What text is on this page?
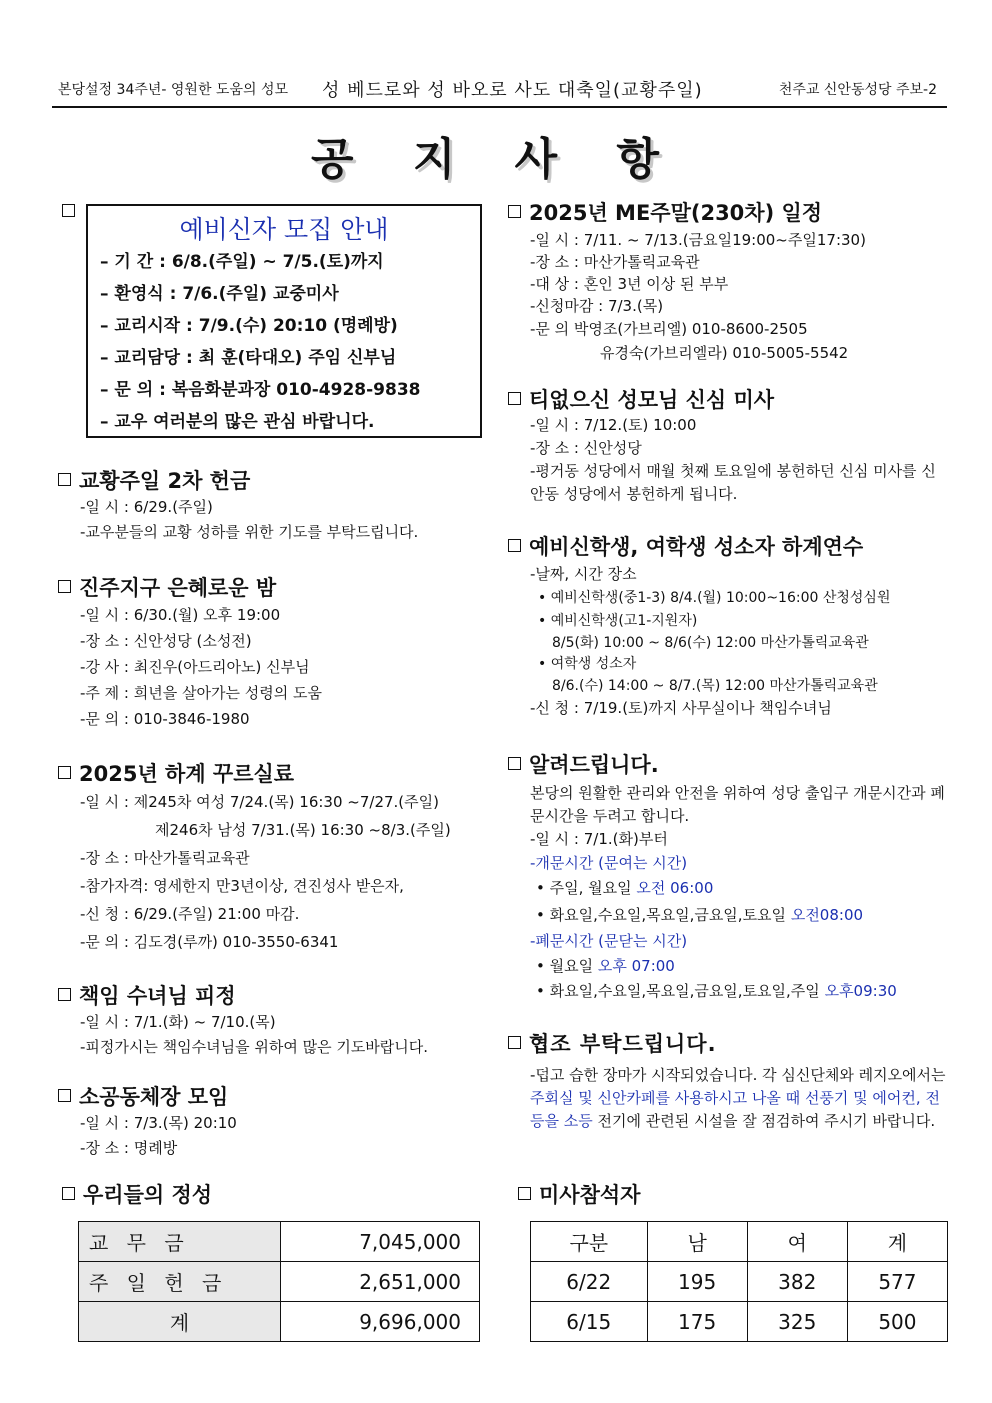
본당설정 34주년- 영원한 도움의 성모 성 베드로와 성 바오로 사도 대축일(교황주일)	천주교 신안동성당 주보-2
공 지 사 항
예비신자 모집 안내
– 기 간 : 6/8.(주일) ~ 7/5.(토)까지
– 환영식 : 7/6.(주일) 교중미사
– 교리시작 : 7/9.(수) 20:10 (명례방)
– 교리담당 : 최 훈(타대오) 주임 신부님
– 문 의 : 복음화분과장 010-4928-9838
– 교우 여러분의 많은 관심 바랍니다.
교황주일 2차 헌금
-일 시 : 6/29.(주일)
-교우분들의 교황 성하를 위한 기도를 부탁드립니다.
진주지구 은혜로운 밤
-일 시 : 6/30.(월) 오후 19:00
-장 소 : 신안성당 (소성전)
-강 사 : 최진우(아드리아노) 신부님
-주 제 : 희년을 살아가는 성령의 도움
-문 의 : 010-3846-1980
2025년 하계 꾸르실료
-일 시 : 제245차 여성 7/24.(목) 16:30 ~7/27.(주일)
제246차 남성 7/31.(목) 16:30 ~8/3.(주일)
-장 소 : 마산가톨릭교육관
-참가자격: 영세한지 만3년이상, 견진성사 받은자,
-신 청 : 6/29.(주일) 21:00 마감.
-문 의 : 김도경(루까) 010-3550-6341
책임 수녀님 피정
-일 시 : 7/1.(화) ~ 7/10.(목)
-피정가시는 책임수녀님을 위하여 많은 기도바랍니다.
소공동체장 모임
-일 시 : 7/3.(목) 20:10
-장 소 : 명례방
2025년 ME주말(230차) 일정
-일 시 : 7/11. ~ 7/13.(금요일19:00~주일17:30)
-장 소 : 마산가톨릭교육관
-대 상 : 혼인 3년 이상 된 부부
-신청마감 : 7/3.(목)
-문 의 박영조(가브리엘) 010-8600-2505
유경숙(가브리엘라) 010-5005-5542
티없으신 성모님 신심 미사
-일 시 : 7/12.(토) 10:00
-장 소 : 신안성당
-평거동 성당에서 매월 첫째 토요일에 봉헌하던 신심 미사를 신안동 성당에서 봉헌하게 됩니다.
예비신학생, 여학생 성소자 하계연수
-날짜, 시간 장소
• 예비신학생(중1-3) 8/4.(월) 10:00~16:00 산청성심원
• 예비신학생(고1-지원자)
8/5(화) 10:00 ~ 8/6(수) 12:00 마산가톨릭교육관
• 여학생 성소자
8/6.(수) 14:00 ~ 8/7.(목) 12:00 마산가톨릭교육관
-신 청 : 7/19.(토)까지 사무실이나 책임수녀님
알려드립니다.
본당의 원활한 관리와 안전을 위하여 성당 출입구 개문시간과 폐문시간을 두려고 합니다.
-일 시 : 7/1.(화)부터
-개문시간 (문여는 시간)
• 주일, 월요일 오전 06:00
• 화요일,수요일,목요일,금요일,토요일 오전08:00
-폐문시간 (문닫는 시간)
• 월요일 오후 07:00
• 화요일,수요일,목요일,금요일,토요일,주일 오후09:30
협조 부탁드립니다.
-덥고 습한 장마가 시작되었습니다. 각 심신단체와 레지오에서는 주회실 및 신안카페를 사용하시고 나올 때 선풍기 및 에어컨, 전등을 소등 전기에 관련된 시설을 잘 점검하여 주시기 바랍니다.
우리들의 정성
교 무 금	7,045,000
주 일 헌 금	2,651,000
계	9,696,000
미사참석자
구분	남	여	계
6/22	195	382	577
6/15	175	325	500
